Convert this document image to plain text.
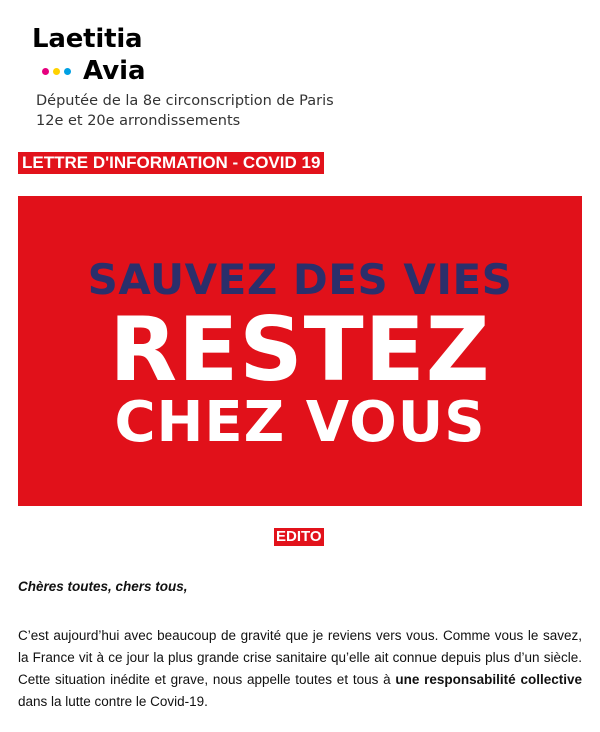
Laetitia
Avia
Députée de la 8e circonscription de Paris
12e et 20e arrondissements
LETTRE D'INFORMATION - COVID 19
SAUVEZ DES VIES
RESTEZ
CHEZ VOUS
EDITO
Chères toutes, chers tous,
C’est aujourd’hui avec beaucoup de gravité que je reviens vers vous. Comme vous le savez, la France vit à ce jour la plus grande crise sanitaire qu’elle ait connue depuis plus d’un siècle. Cette situation inédite et grave, nous appelle toutes et tous à une responsabilité collective dans la lutte contre le Covid-19.
